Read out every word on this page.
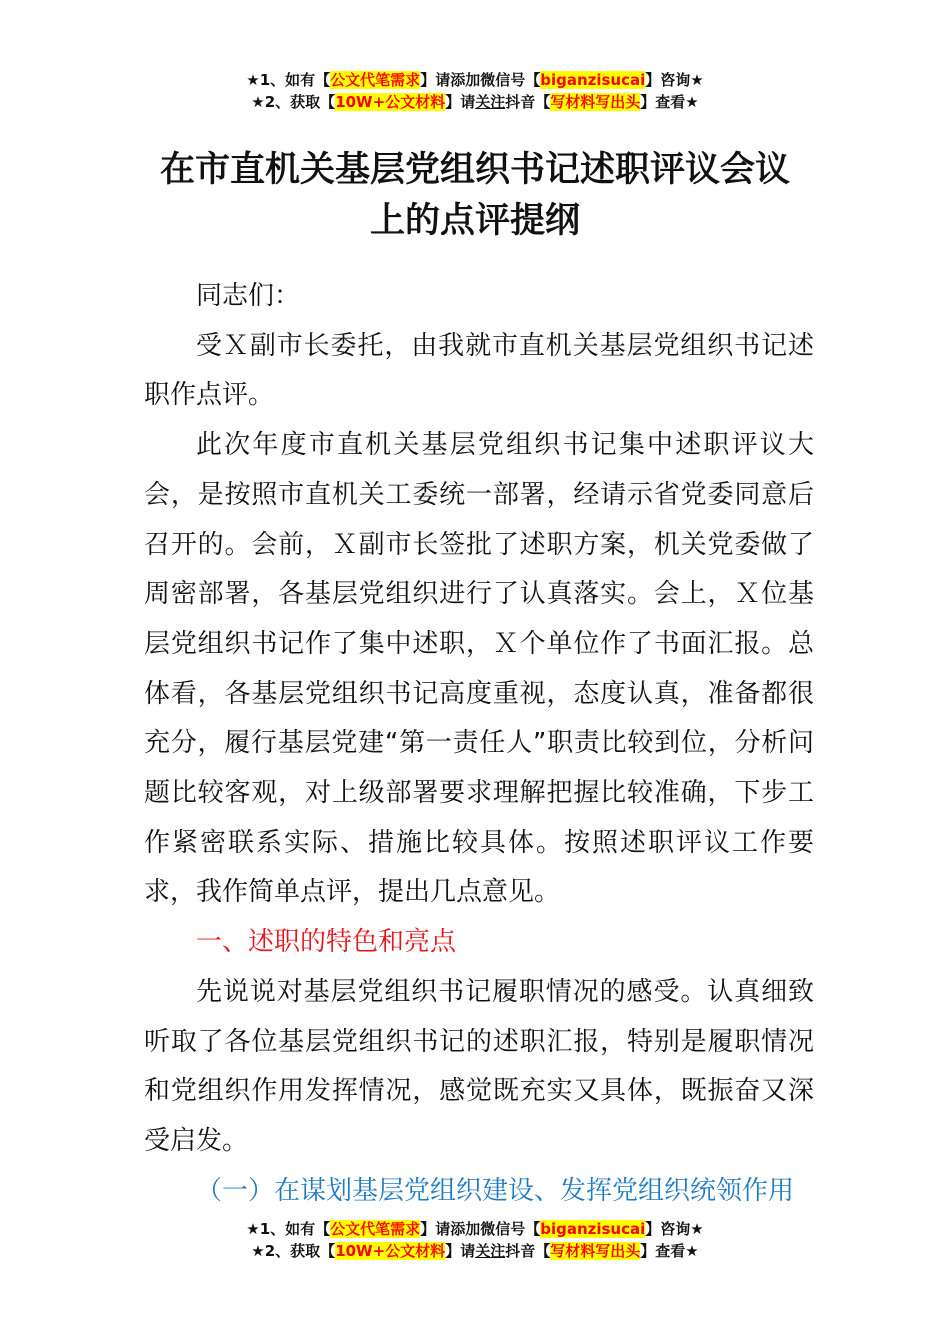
★1、如有【公文代笔需求】请添加微信号【biganzisucai】咨询★
★2、获取【10W+公文材料】请关注抖音【写材料写出头】查看★
在市直机关基层党组织书记述职评议会议
上的点评提纲

同志们：

受Ｘ副市长委托，由我就市直机关基层党组织书记述职作点评。

此次年度市直机关基层党组织书记集中述职评议大会，是按照市直机关工委统一部署，经请示省党委同意后召开的。会前，Ｘ副市长签批了述职方案，机关党委做了周密部署，各基层党组织进行了认真落实。会上，Ｘ位基层党组织书记作了集中述职，Ｘ个单位作了书面汇报。总体看，各基层党组织书记高度重视，态度认真，准备都很充分，履行基层党建“第一责任人”职责比较到位，分析问题比较客观，对上级部署要求理解把握比较准确，下步工作紧密联系实际、措施比较具体。按照述职评议工作要求，我作简单点评，提出几点意见。

一、述职的特色和亮点

先说说对基层党组织书记履职情况的感受。认真细致听取了各位基层党组织书记的述职汇报，特别是履职情况和党组织作用发挥情况，感觉既充实又具体，既振奋又深受启发。

（一）在谋划基层党组织建设、发挥党组织统领作用

★1、如有【公文代笔需求】请添加微信号【biganzisucai】咨询★
★2、获取【10W+公文材料】请关注抖音【写材料写出头】查看★
